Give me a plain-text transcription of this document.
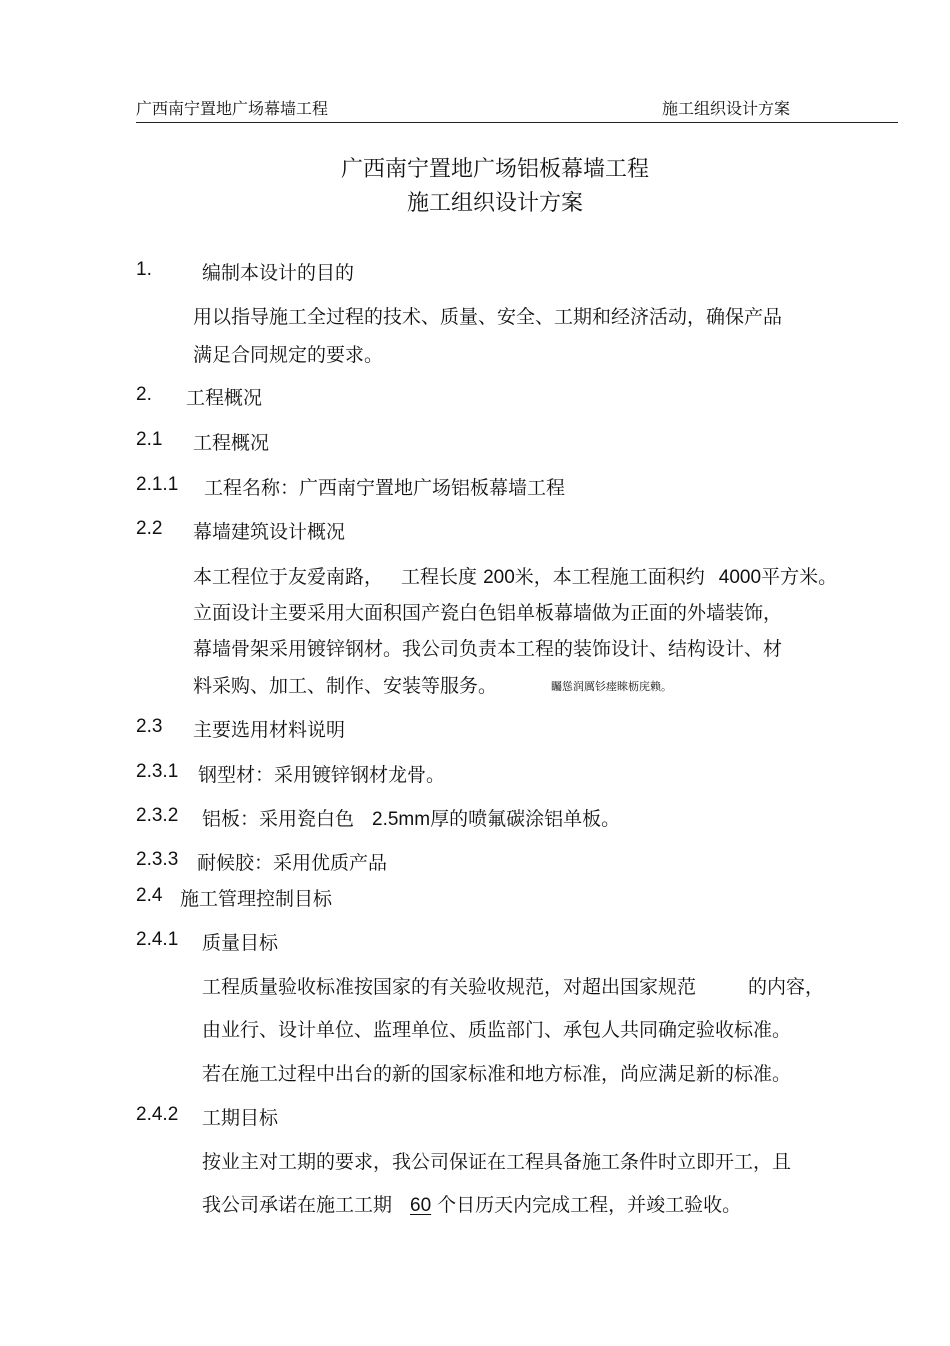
广西南宁置地广场幕墙工程	施工组织设计方案
广西南宁置地广场铝板幕墙工程
施工组织设计方案
1.	编制本设计的目的
用以指导施工全过程的技术、质量、安全、工期和经济活动，确保产品
满足合同规定的要求。
2. 工程概况
2.1 工程概况
2.1.1 工程名称：广西南宁置地广场铝板幕墙工程
2.2 幕墙建筑设计概况
本工程位于友爱南路， 工程长度 200米，本工程施工面积约 4000平方米。
立面设计主要采用大面积国产瓷白色铝单板幕墙做为正面的外墙装饰，
幕墙骨架采用镀锌钢材。我公司负责本工程的装饰设计、结构设计、材
料采购、加工、制作、安装等服务。	矚慫润厲钐瘗睞枥庑赖。
2.3 主要选用材料说明
2.3.1 钢型材：采用镀锌钢材龙骨。
2.3.2 铝板：采用瓷白色 2.5mm厚的喷氟碳涂铝单板。
2.3.3 耐候胶：采用优质产品
2.4 施工管理控制目标
2.4.1 质量目标
工程质量验收标准按国家的有关验收规范，对超出国家规范	的内容，
由业行、设计单位、监理单位、质监部门、承包人共同确定验收标准。
若在施工过程中出台的新的国家标准和地方标准，尚应满足新的标准。
2.4.2 工期目标
按业主对工期的要求，我公司保证在工程具备施工条件时立即开工，且
我公司承诺在施工工期 60 个日历天内完成工程，并竣工验收。
